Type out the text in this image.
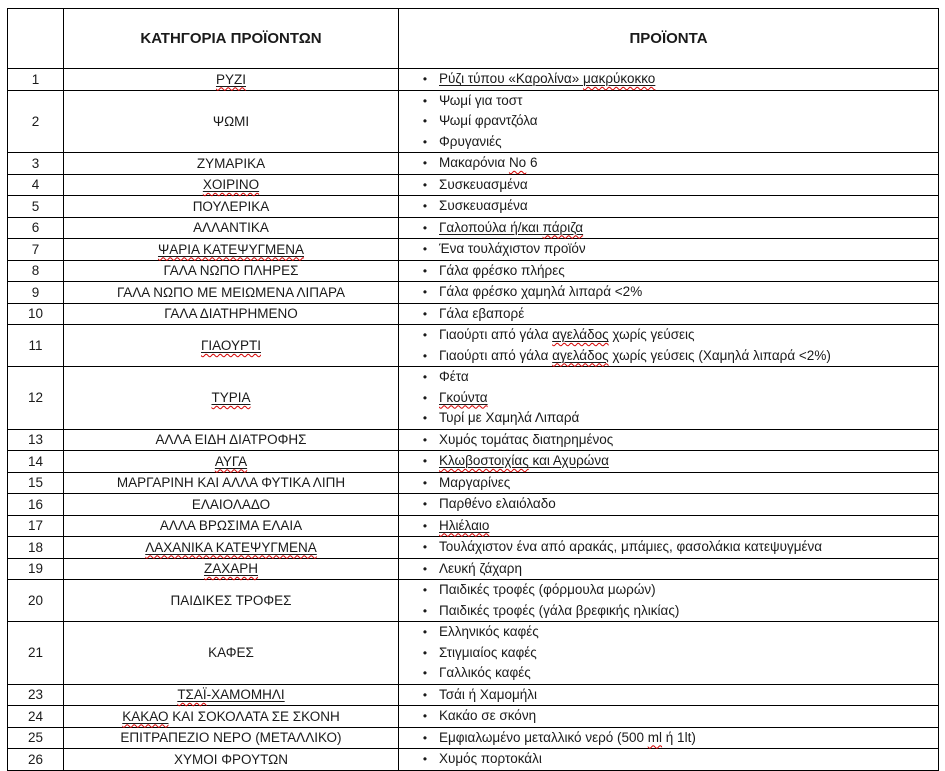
	ΚΑΤΗΓΟΡΙΑ ΠΡΟΪΟΝΤΩΝ	ΠΡΟΪΟΝΤΑ
1	ΡΥΖΙ	• Ρύζι τύπου «Καρολίνα» μακρύκοκκο

2	ΨΩΜΙ	
• Ψωμί για τοστ
• Ψωμί φραντζόλα
• Φρυγανιές

3	ΖΥΜΑΡΙΚΑ	• Μακαρόνια Νο 6

4	ΧΟΙΡΙΝΟ	• Συσκευασμένα

5	ΠΟΥΛΕΡΙΚΑ	• Συσκευασμένα

6	ΑΛΛΑΝΤΙΚΑ	• Γαλοπούλα ή/και πάριζα

7	ΨΑΡΙΑ ΚΑΤΕΨΥΓΜΕΝΑ	• Ένα τουλάχιστον προϊόν

8	ΓΑΛΑ ΝΩΠΟ ΠΛΗΡΕΣ	• Γάλα φρέσκο πλήρες

9	ΓΑΛΑ ΝΩΠΟ ΜΕ ΜΕΙΩΜΕΝΑ ΛΙΠΑΡΑ	• Γάλα φρέσκο χαμηλά λιπαρά <2%

10	ΓΑΛΑ ΔΙΑΤΗΡΗΜΕΝΟ	• Γάλα εβαπορέ

11	ΓΙΑΟΥΡΤΙ	• Γιαούρτι από γάλα αγελάδος χωρίς γεύσεις
• Γιαούρτι από γάλα αγελάδος χωρίς γεύσεις (Χαμηλά λιπαρά <2%)

12	ΤΥΡΙΑ	
• Φέτα
• Γκούντα
• Τυρί με Χαμηλά Λιπαρά

13	ΑΛΛΑ ΕΙΔΗ ΔΙΑΤΡΟΦΗΣ	• Χυμός τομάτας διατηρημένος

14	ΑΥΓΑ	• Κλωβοστοιχίας και Αχυρώνα

15	ΜΑΡΓΑΡΙΝΗ ΚΑΙ ΑΛΛΑ ΦΥΤΙΚΑ ΛΙΠΗ	• Μαργαρίνες

16	ΕΛΑΙΟΛΑΔΟ	• Παρθένο ελαιόλαδο

17	ΑΛΛΑ ΒΡΩΣΙΜΑ ΕΛΑΙΑ	• Ηλιέλαιο

18	ΛΑΧΑΝΙΚΑ ΚΑΤΕΨΥΓΜΕΝΑ	• Τουλάχιστον ένα από αρακάς, μπάμιες, φασολάκια κατεψυγμένα

19	ΖΑΧΑΡΗ	• Λευκή ζάχαρη

20	ΠΑΙΔΙΚΕΣ ΤΡΟΦΕΣ	• Παιδικές τροφές (φόρμουλα μωρών)
• Παιδικές τροφές (γάλα βρεφικής ηλικίας)

21	ΚΑΦΕΣ	
• Ελληνικός καφές
• Στιγμιαίος καφές
• Γαλλικός καφές

23	ΤΣΑΪ-ΧΑΜΟΜΗΛΙ	• Τσάι ή Χαμομήλι

24	ΚΑΚΑΟ ΚΑΙ ΣΟΚΟΛΑΤΑ ΣΕ ΣΚΟΝΗ	• Κακάο σε σκόνη

25	ΕΠΙΤΡΑΠΕΖΙΟ ΝΕΡΟ (ΜΕΤΑΛΛΙΚΟ)	• Εμφιαλωμένο μεταλλικό νερό (500 ml ή 1lt)

26	ΧΥΜΟΙ ΦΡΟΥΤΩΝ	• Χυμός πορτοκάλι
